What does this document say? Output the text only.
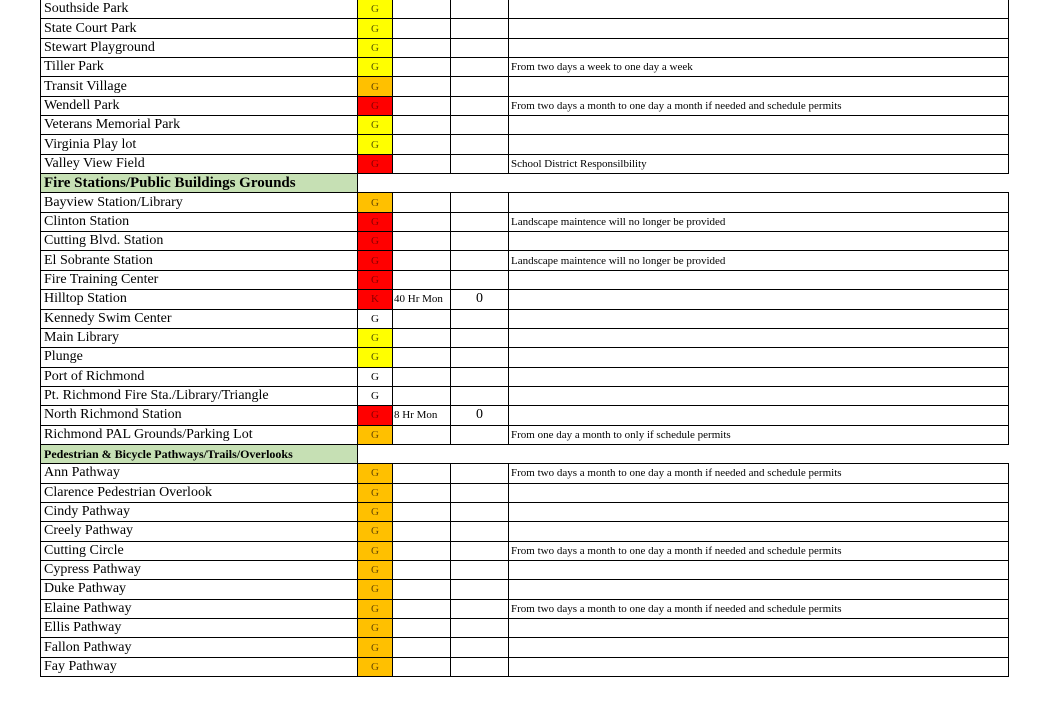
Southside Park	G			
State Court Park	G			
Stewart Playground	G			
Tiller Park	G			From two days a week to one day a week
Transit Village	G			
Wendell Park	G			From two days a month to one day a month if needed and schedule permits
Veterans Memorial Park	G			
Virginia Play lot	G			
Valley View Field	G			School District Responsilbility
Fire Stations/Public Buildings Grounds				
Bayview Station/Library	G			
Clinton Station	G			Landscape maintence will no longer be provided
Cutting Blvd. Station	G			
El Sobrante Station	G			Landscape maintence will no longer be provided
Fire Training Center	G			
Hilltop Station	K	40 Hr Mon	0	
Kennedy Swim Center	G			
Main Library	G			
Plunge	G			
Port of Richmond	G			
Pt. Richmond Fire Sta./Library/Triangle	G			
North Richmond Station	G	8 Hr Mon	0	
Richmond PAL Grounds/Parking Lot	G			From one day a month to only if schedule permits
Pedestrian & Bicycle Pathways/Trails/Overlooks				
Ann Pathway	G			From two days a month to one day a month if needed and schedule permits
Clarence Pedestrian Overlook	G			
Cindy Pathway	G			
Creely Pathway	G			
Cutting Circle	G			From two days a month to one day a month if needed and schedule permits
Cypress Pathway	G			
Duke Pathway	G			
Elaine Pathway	G			From two days a month to one day a month if needed and schedule permits
Ellis Pathway	G			
Fallon Pathway	G			
Fay Pathway	G			
